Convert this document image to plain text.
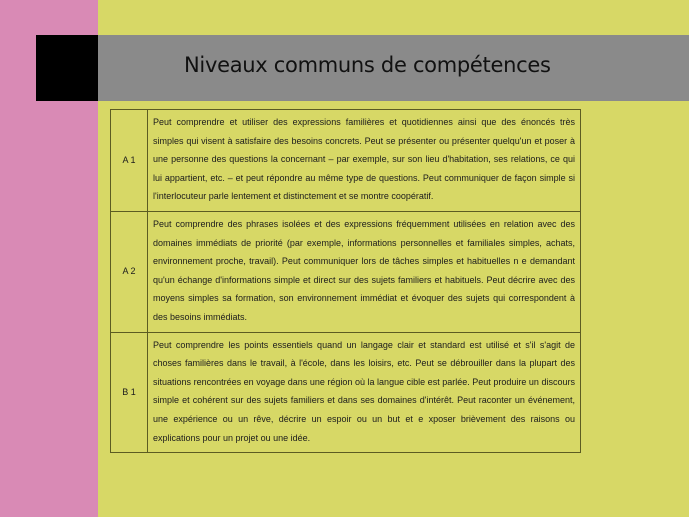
Niveaux communs de compétences
A 1	Peut comprendre et utiliser des expressions familières et quotidiennes ainsi que des énoncés très simples qui visent à satisfaire des besoins concrets. Peut se présenter ou présenter quelqu'un et poser à une personne des questions la concernant – par exemple, sur son lieu d'habitation, ses relations, ce qui lui appartient, etc. – et peut répondre au même type de questions. Peut communiquer de façon simple si l'interlocuteur parle lentement et distinctement et se montre coopératif.
A 2	Peut comprendre des phrases isolées et des expressions fréquemment utilisées en relation avec des domaines immédiats de priorité (par exemple, informations personnelles et familiales simples, achats, environnement proche, travail). Peut communiquer lors de tâches simples et habituelles n e demandant qu'un échange d'informations simple et direct sur des sujets familiers et habituels. Peut décrire avec des moyens simples sa formation, son environnement immédiat et évoquer des sujets qui correspondent à des besoins immédiats.
B 1	Peut comprendre les points essentiels quand un langage clair et standard est utilisé et s'il s'agit de choses familières dans le travail, à l'école, dans les loisirs, etc. Peut se débrouiller dans la plupart des situations rencontrées en voyage dans une région où la langue cible est parlée. Peut produire un discours simple et cohérent sur des sujets familiers et dans ses domaines d'intérêt. Peut raconter un événement, une expérience ou un rêve, décrire un espoir ou un but et e xposer brièvement des raisons ou explications pour un projet ou une idée.
